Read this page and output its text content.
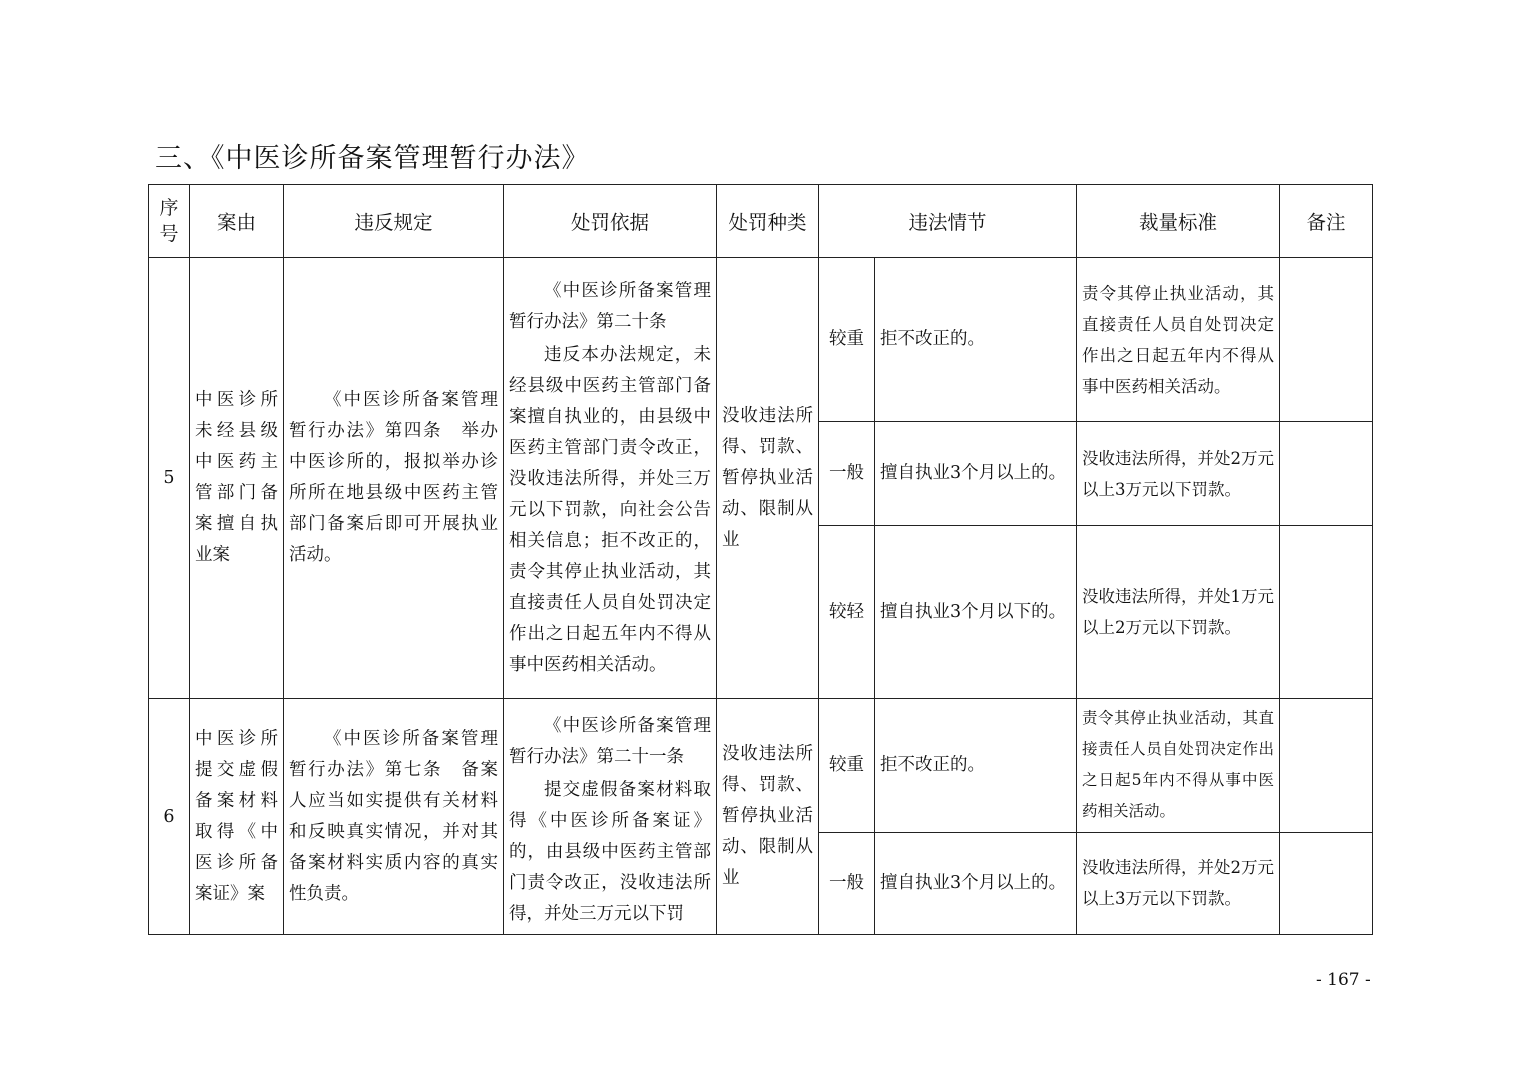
三、《中医诊所备案管理暂行办法》
序号	案由	违反规定	处罚依据	处罚种类	违法情节		裁量标准	备注
5	中医诊所未经县级中医药主管部门备案擅自执业案	《中医诊所备案管理暂行办法》第四条　举办中医诊所的，报拟举办诊所所在地县级中医药主管部门备案后即可开展执业活动。	《中医诊所备案管理暂行办法》第二十条
违反本办法规定，未经县级中医药主管部门备案擅自执业的，由县级中医药主管部门责令改正，没收违法所得，并处三万元以下罚款，向社会公告相关信息；拒不改正的，责令其停止执业活动，其直接责任人员自处罚决定作出之日起五年内不得从事中医药相关活动。	没收违法所得、罚款、暂停执业活动、限制从业	较重	拒不改正的。	责令其停止执业活动，其直接责任人员自处罚决定作出之日起五年内不得从事中医药相关活动。	

					一般	擅自执业3个月以上的。	没收违法所得，并处2万元以上3万元以下罚款。	

					较轻	擅自执业3个月以下的。	没收违法所得，并处1万元以上2万元以下罚款。	

6	中医诊所提交虚假备案材料取得《中医诊所备案证》案	《中医诊所备案管理暂行办法》第七条　备案人应当如实提供有关材料和反映真实情况，并对其备案材料实质内容的真实性负责。	《中医诊所备案管理暂行办法》第二十一条
提交虚假备案材料取得《中医诊所备案证》的，由县级中医药主管部门责令改正，没收违法所得，并处三万元以下罚	没收违法所得、罚款、暂停执业活动、限制从业	较重	拒不改正的。	责令其停止执业活动，其直接责任人员自处罚决定作出之日起5年内不得从事中医药相关活动。	

					一般	擅自执业3个月以上的。	没收违法所得，并处2万元以上3万元以下罚款。	

- 167 -
